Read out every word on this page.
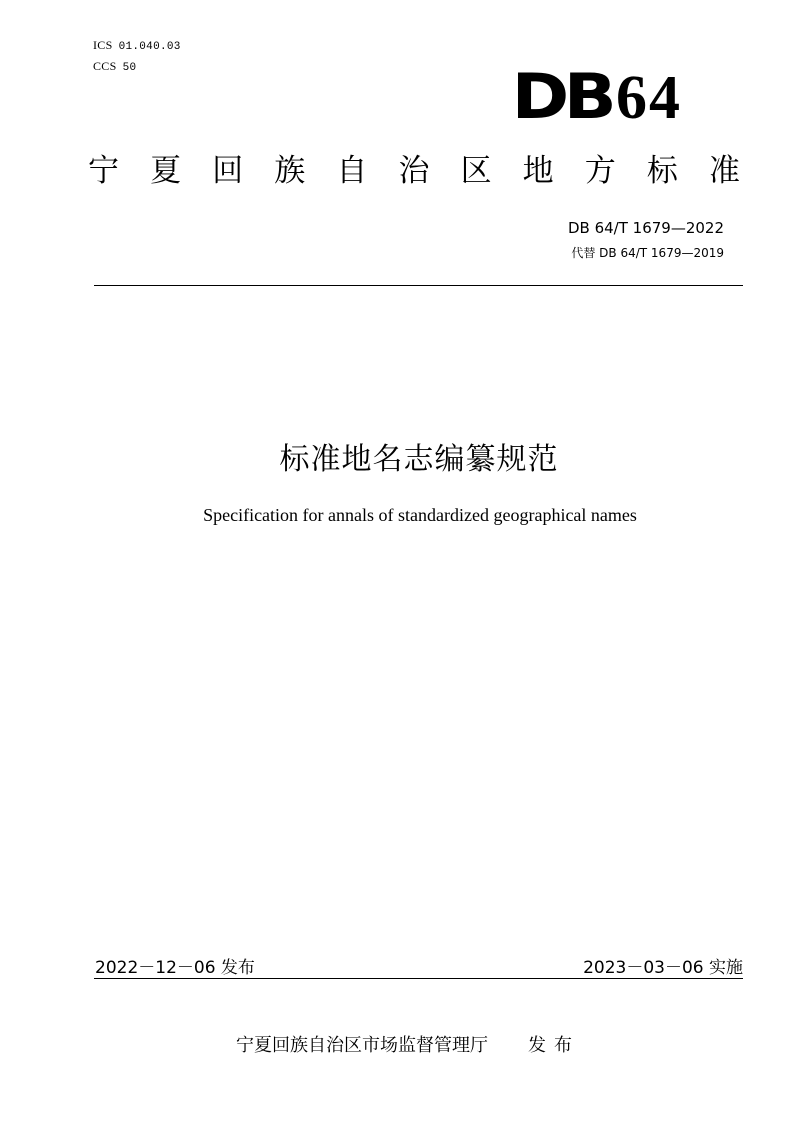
ICS 01.040.03
CCS 50	DB64
宁 夏 回 族 自 治 区 地 方 标 准
DB 64/T 1679—2022
代替 DB 64/T 1679—2019
标准地名志编纂规范
Specification for annals of standardized geographical names
2022－12－06 发布	2023－03－06 实施
宁夏回族自治区市场监督管理厅 发布
